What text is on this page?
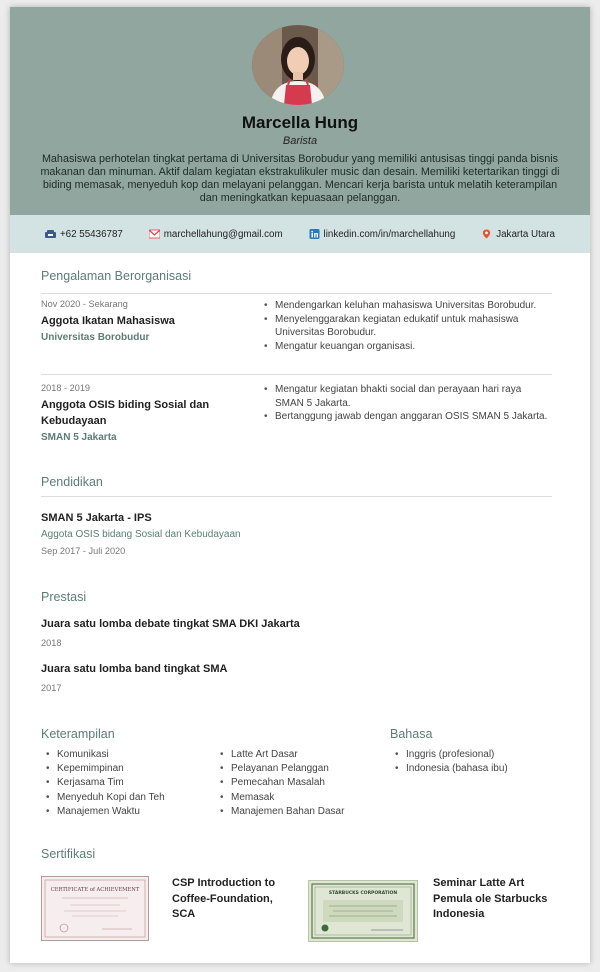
Marcella Hung
Barista
Mahasiswa perhotelan tingkat pertama di Universitas Borobudur yang memiliki antusisas tinggi panda bisnis makanan dan minuman. Aktif dalam kegiatan ekstrakulikuler music dan desain. Memiliki ketertarikan tinggi di biding memasak, menyeduh kop dan melayani pelanggan. Mencari kerja barista untuk melatih keterampilan dan meningkatkan kepuasaan pelanggan.
+62 55436787	marchellahung@gmail.com	linkedin.com/in/marchellahung	Jakarta Utara
Pengalaman Berorganisasi
Nov 2020 - Sekarang
Aggota Ikatan Mahasiswa
Universitas Borobudur
• Mendengarkan keluhan mahasiswa Universitas Borobudur.
• Menyelenggarakan kegiatan edukatif untuk mahasiswa Universitas Borobudur.
• Mengatur keuangan organisasi.
2018 - 2019
Anggota OSIS biding Sosial dan Kebudayaan
SMAN 5 Jakarta
• Mengatur kegiatan bhakti social dan perayaan hari raya SMAN 5 Jakarta.
• Bertanggung jawab dengan anggaran OSIS SMAN 5 Jakarta.
Pendidikan
SMAN 5 Jakarta - IPS
Aggota OSIS bidang Sosial dan Kebudayaan
Sep 2017 - Juli 2020
Prestasi
Juara satu lomba debate tingkat SMA DKI Jakarta
2018
Juara satu lomba band tingkat SMA
2017
Keterampilan
• Komunikasi
• Kepemimpinan
• Kerjasama Tim
• Menyeduh Kopi dan Teh
• Manajemen Waktu
• Latte Art Dasar
• Pelayanan Pelanggan
• Pemecahan Masalah
• Memasak
• Manajemen Bahan Dasar
Bahasa
• Inggris (profesional)
• Indonesia (bahasa ibu)
Sertifikasi
CERTIFICATE of ACHIEVEMENT
CSP Introduction to Coffee-Foundation, SCA
STARBUCKS CORPORATION
Seminar Latte Art Pemula ole Starbucks Indonesia
